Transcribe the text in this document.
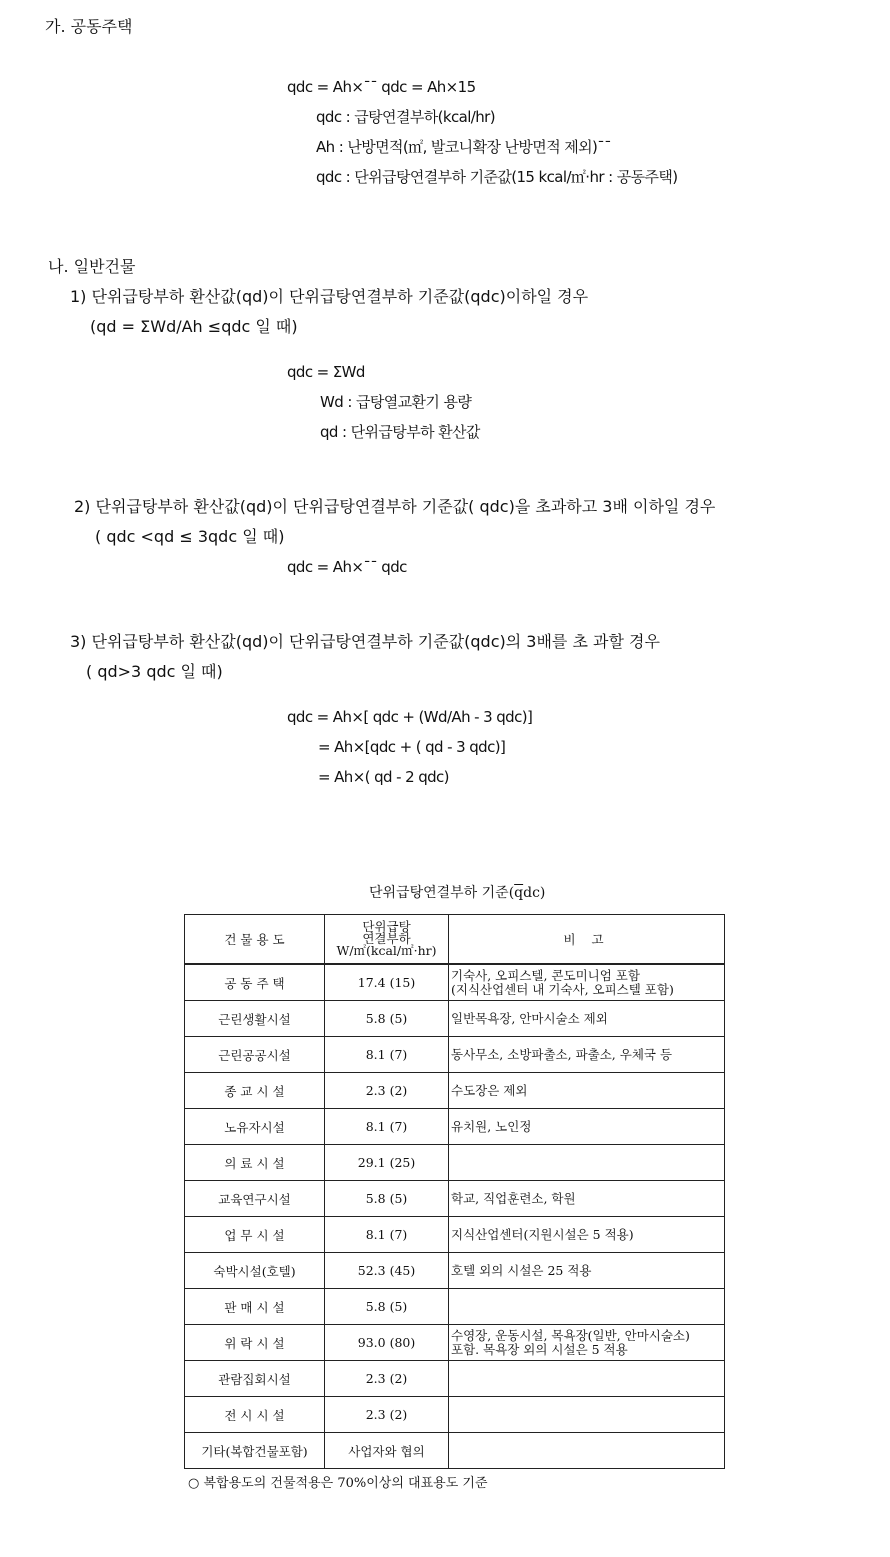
가. 공동주택
qdc = Ah×¯¯ qdc = Ah×15
qdc : 급탕연결부하(kcal/hr)
Ah : 난방면적(㎡, 발코니확장 난방면적 제외)¯¯
qdc : 단위급탕연결부하 기준값(15 kcal/㎡·hr : 공동주택)
나. 일반건물
1) 단위급탕부하 환산값(qd)이 단위급탕연결부하 기준값(qdc)이하일 경우
(qd = ΣWd/Ah ≤qdc 일 때)
qdc = ΣWd
Wd : 급탕열교환기 용량
qd : 단위급탕부하 환산값
2) 단위급탕부하 환산값(qd)이 단위급탕연결부하 기준값( qdc)을 초과하고 3배 이하일 경우
( qdc <qd ≤ 3qdc 일 때)
qdc = Ah×¯¯ qdc
3) 단위급탕부하 환산값(qd)이 단위급탕연결부하 기준값(qdc)의 3배를 초 과할 경우
( qd>3 qdc 일 때)
qdc = Ah×[ qdc + (Wd/Ah - 3 qdc)]
= Ah×[qdc + ( qd - 3 qdc)]
= Ah×( qd - 2 qdc)
단위급탕연결부하 기준$(\overline{q}dc)$
건 물 용 도	단위급탕
연결부하
W/㎡(kcal/㎡·hr)	비 고
공 동 주 택	17.4 (15)	기숙사, 오피스텔, 콘도미니엄 포함
(지식산업센터 내 기숙사, 오피스텔 포함)

근린생활시설	5.8 (5)	일반목욕장, 안마시술소 제외

근린공공시설	8.1 (7)	동사무소, 소방파출소, 파출소, 우체국 등

종 교 시 설	2.3 (2)	수도장은 제외

노유자시설	8.1 (7)	유치원, 노인정

의 료 시 설	29.1 (25)	

교육연구시설	5.8 (5)	학교, 직업훈련소, 학원

업 무 시 설	8.1 (7)	지식산업센터(지원시설은 5 적용)

숙박시설(호텔)	52.3 (45)	호텔 외의 시설은 25 적용

판 매 시 설	5.8 (5)	

위 락 시 설	93.0 (80)	수영장, 운동시설, 목욕장(일반, 안마시술소)
포함. 목욕장 외의 시설은 5 적용

관람집회시설	2.3 (2)	

전 시 시 설	2.3 (2)	

기타(복합건물포함)	사업자와 협의	
○ 복합용도의 건물적용은 70%이상의 대표용도 기준
